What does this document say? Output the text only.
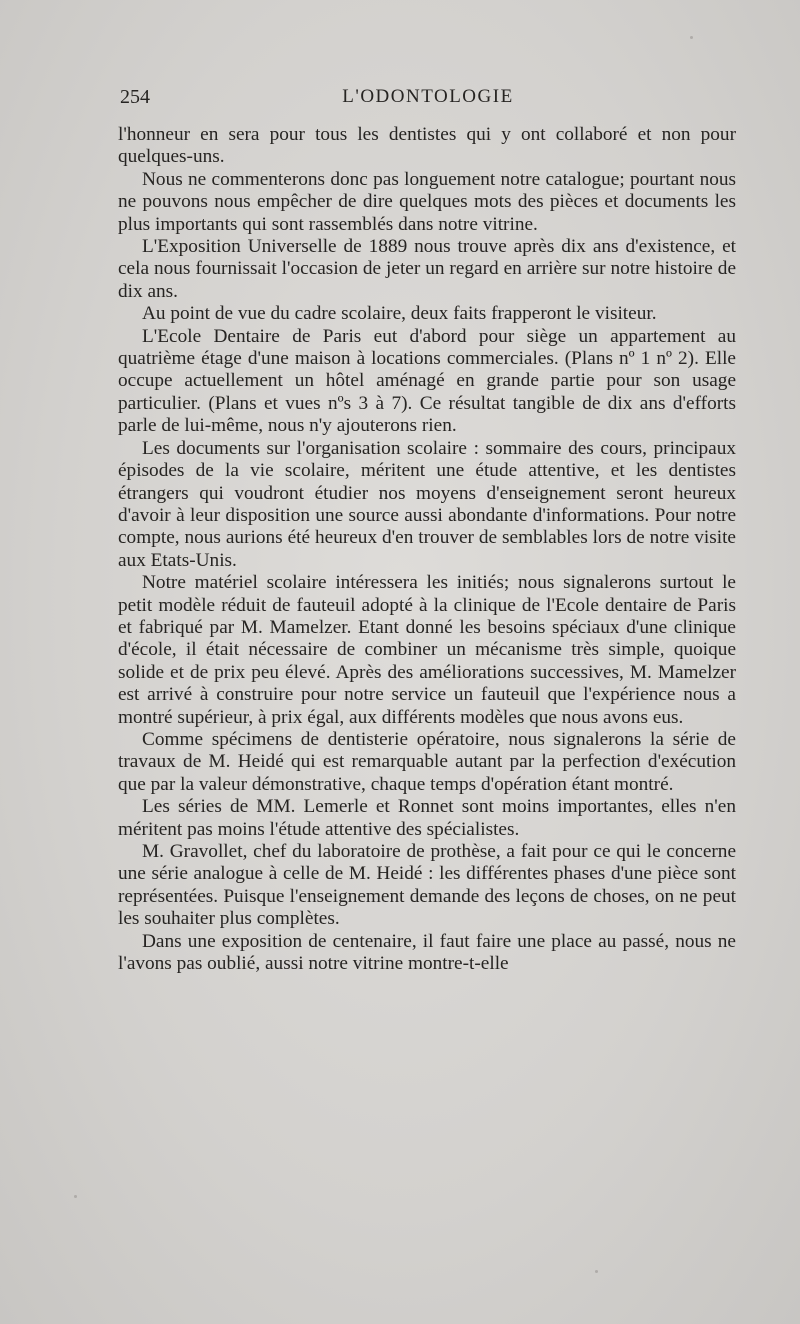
254	L'ODONTOLOGIE

l'honneur en sera pour tous les dentistes qui y ont collaboré et non pour quelques-uns.

Nous ne commenterons donc pas longuement notre catalogue; pourtant nous ne pouvons nous empêcher de dire quelques mots des pièces et documents les plus importants qui sont rassemblés dans notre vitrine.

L'Exposition Universelle de 1889 nous trouve après dix ans d'existence, et cela nous fournissait l'occasion de jeter un regard en arrière sur notre histoire de dix ans.

Au point de vue du cadre scolaire, deux faits frapperont le visiteur.

L'Ecole Dentaire de Paris eut d'abord pour siège un appartement au quatrième étage d'une maison à locations commerciales. (Plans nº 1 nº 2). Elle occupe actuellement un hôtel aménagé en grande partie pour son usage particulier. (Plans et vues nºs 3 à 7). Ce résultat tangible de dix ans d'efforts parle de lui-même, nous n'y ajouterons rien.

Les documents sur l'organisation scolaire : sommaire des cours, principaux épisodes de la vie scolaire, méritent une étude attentive, et les dentistes étrangers qui voudront étudier nos moyens d'enseignement seront heureux d'avoir à leur disposition une source aussi abondante d'informations. Pour notre compte, nous aurions été heureux d'en trouver de semblables lors de notre visite aux Etats-Unis.

Notre matériel scolaire intéressera les initiés; nous signalerons surtout le petit modèle réduit de fauteuil adopté à la clinique de l'Ecole dentaire de Paris et fabriqué par M. Mamelzer. Etant donné les besoins spéciaux d'une clinique d'école, il était nécessaire de combiner un mécanisme très simple, quoique solide et de prix peu élevé. Après des améliorations successives, M. Mamelzer est arrivé à construire pour notre service un fauteuil que l'expérience nous a montré supérieur, à prix égal, aux différents modèles que nous avons eus.

Comme spécimens de dentisterie opératoire, nous signalerons la série de travaux de M. Heidé qui est remarquable autant par la perfection d'exécution que par la valeur démonstrative, chaque temps d'opération étant montré.

Les séries de MM. Lemerle et Ronnet sont moins importantes, elles n'en méritent pas moins l'étude attentive des spécialistes.

M. Gravollet, chef du laboratoire de prothèse, a fait pour ce qui le concerne une série analogue à celle de M. Heidé : les différentes phases d'une pièce sont représentées. Puisque l'enseignement demande des leçons de choses, on ne peut les souhaiter plus complètes.

Dans une exposition de centenaire, il faut faire une place au passé, nous ne l'avons pas oublié, aussi notre vitrine montre-t-elle
